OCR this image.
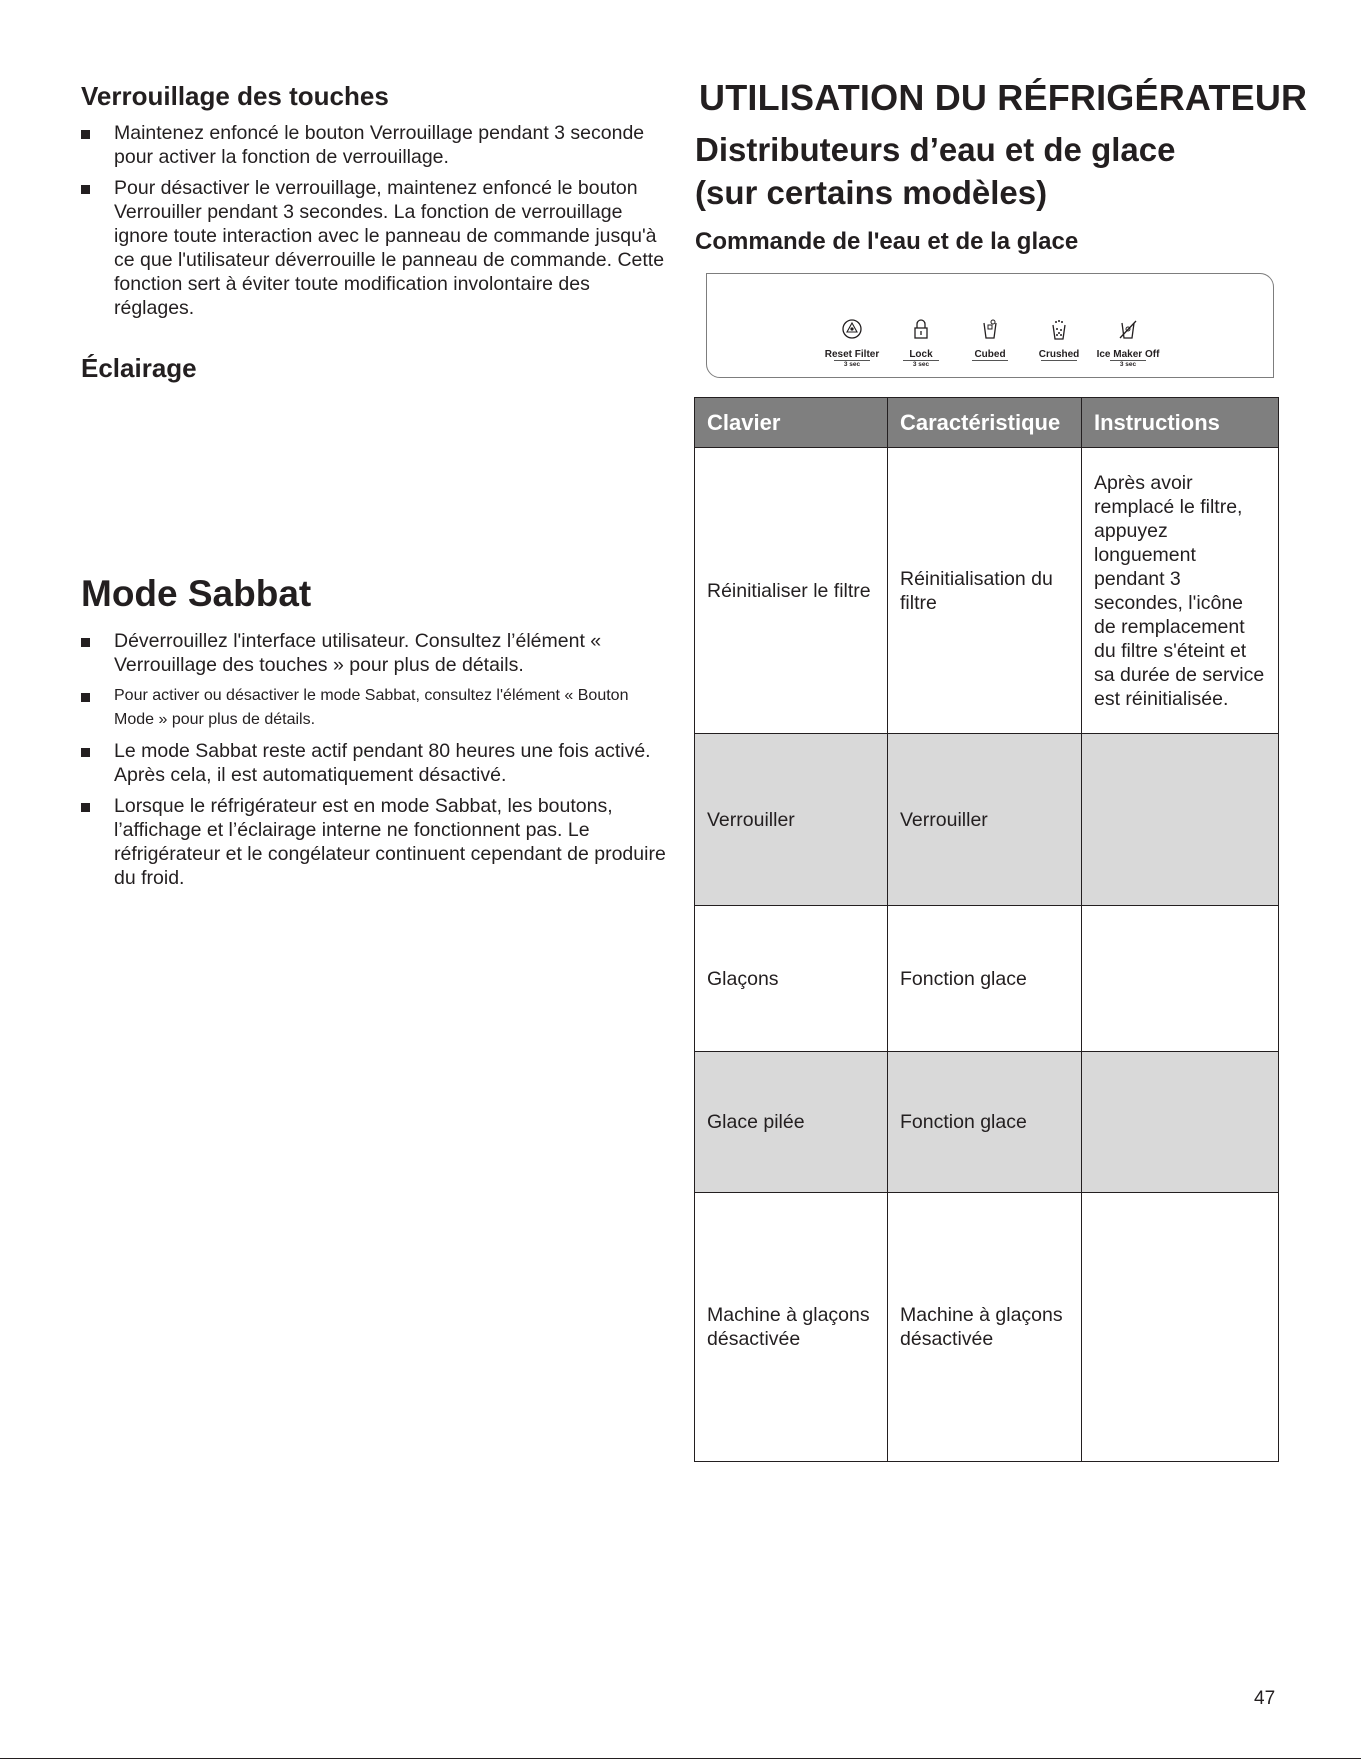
Verrouillage des touches
Maintenez enfoncé le bouton Verrouillage pendant 3 seconde pour activer la fonction de verrouillage.
Pour désactiver le verrouillage, maintenez enfoncé le bouton Verrouiller pendant 3 secondes. La fonction de verrouillage ignore toute interaction avec le panneau de commande jusqu'à ce que l'utilisateur déverrouille le panneau de commande. Cette fonction sert à éviter toute modification involontaire des réglages.
Éclairage
Mode Sabbat
Déverrouillez l'interface utilisateur. Consultez l’élément « Verrouillage des touches » pour plus de détails.
Pour activer ou désactiver le mode Sabbat, consultez l'élément « Bouton Mode » pour plus de détails.
Le mode Sabbat reste actif pendant 80 heures une fois activé. Après cela, il est automatiquement désactivé.
Lorsque le réfrigérateur est en mode Sabbat, les boutons, l’affichage et l’éclairage interne ne fonctionnent pas. Le réfrigérateur et le congélateur continuent cependant de produire du froid.
UTILISATION DU RÉFRIGÉRATEUR
Distributeurs d’eau et de glace
(sur certains modèles)
Commande de l'eau et de la glace
Reset Filter
3 sec
Lock
3 sec
Cubed	Crushed	Ice Maker Off
3 sec
Clavier	Caractéristique	Instructions
Réinitialiser le filtre	Réinitialisation du filtre	Après avoir remplacé le filtre, appuyez longuement pendant 3 secondes, l'icône de remplacement du filtre s'éteint et sa durée de service est réinitialisée.
Verrouiller	Verrouiller	
Glaçons	Fonction glace	
Glace pilée	Fonction glace	
Machine à glaçons désactivée	Machine à glaçons désactivée	
47
